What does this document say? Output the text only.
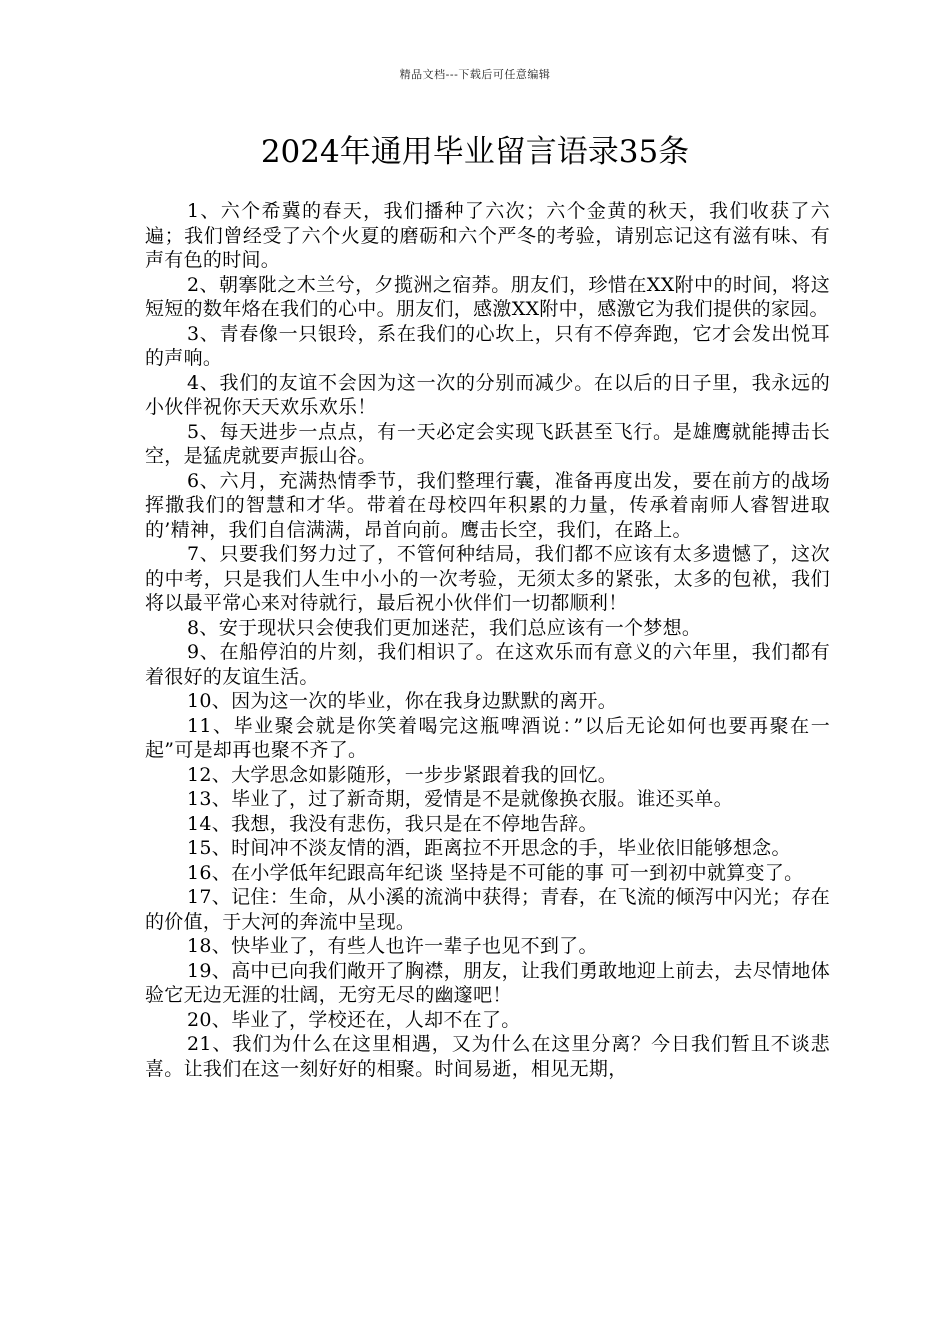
精品文档---下载后可任意编辑
2024年通用毕业留言语录35条

1、六个希冀的春天，我们播种了六次；六个金黄的秋天，我们收获了六遍；我们曾经受了六个火夏的磨砺和六个严冬的考验，请别忘记这有滋有味、有声有色的时间。

2、朝搴阰之木兰兮，夕揽洲之宿莽。朋友们，珍惜在XX附中的时间，将这短短的数年烙在我们的心中。朋友们，感激XX附中，感激它为我们提供的家园。

3、青春像一只银玲，系在我们的心坎上，只有不停奔跑，它才会发出悦耳的声响。

4、我们的友谊不会因为这一次的分别而减少。在以后的日子里，我永远的小伙伴祝你天天欢乐欢乐！

5、每天进步一点点，有一天必定会实现飞跃甚至飞行。是雄鹰就能搏击长空，是猛虎就要声振山谷。

6、六月，充满热情季节，我们整理行囊，准备再度出发，要在前方的战场挥撒我们的智慧和才华。带着在母校四年积累的力量，传承着南师人睿智进取的’精神，我们自信满满，昂首向前。鹰击长空，我们，在路上。

7、只要我们努力过了，不管何种结局，我们都不应该有太多遗憾了，这次的中考，只是我们人生中小小的一次考验，无须太多的紧张，太多的包袱，我们将以最平常心来对待就行，最后祝小伙伴们一切都顺利！

8、安于现状只会使我们更加迷茫，我们总应该有一个梦想。

9、在船停泊的片刻，我们相识了。在这欢乐而有意义的六年里，我们都有着很好的友谊生活。

10、因为这一次的毕业，你在我身边默默的离开。

11、毕业聚会就是你笑着喝完这瓶啤酒说：”以后无论如何也要再聚在一起”可是却再也聚不齐了。

12、大学思念如影随形，一步步紧跟着我的回忆。

13、毕业了，过了新奇期，爱情是不是就像换衣服。谁还买单。

14、我想，我没有悲伤，我只是在不停地告辞。

15、时间冲不淡友情的酒，距离拉不开思念的手，毕业依旧能够想念。

16、在小学低年纪跟高年纪谈 坚持是不可能的事 可一到初中就算变了。

17、记住：生命，从小溪的流淌中获得；青春，在飞流的倾泻中闪光；存在的价值，于大河的奔流中呈现。

18、快毕业了，有些人也许一辈子也见不到了。

19、高中已向我们敞开了胸襟，朋友，让我们勇敢地迎上前去，去尽情地体验它无边无涯的壮阔，无穷无尽的幽邃吧！

20、毕业了，学校还在，人却不在了。

21、我们为什么在这里相遇，又为什么在这里分离？今日我们暂且不谈悲喜。让我们在这一刻好好的相聚。时间易逝，相见无期，
